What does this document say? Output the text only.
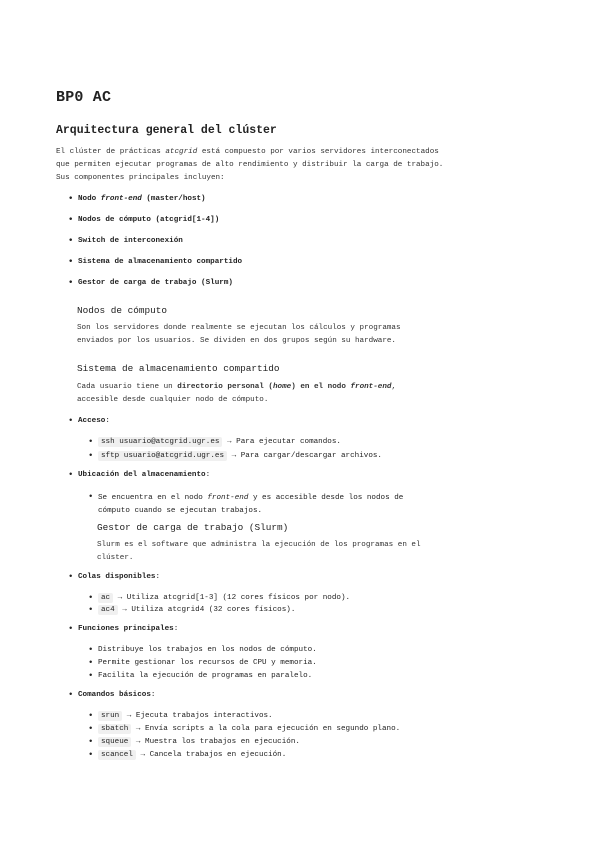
BP0 AC
Arquitectura general del clúster

El clúster de prácticas atcgrid está compuesto por varios servidores interconectados
que permiten ejecutar programas de alto rendimiento y distribuir la carga de trabajo.
Sus componentes principales incluyen:

• Nodo front-end (master/host)
• Nodos de cómputo (atcgrid[1-4])
• Switch de interconexión
• Sistema de almacenamiento compartido
• Gestor de carga de trabajo (Slurm)
Nodos de cómputo

Son los servidores donde realmente se ejecutan los cálculos y programas
enviados por los usuarios. Se dividen en dos grupos según su hardware.

Sistema de almacenamiento compartido

Cada usuario tiene un directorio personal (home) en el nodo front-end,
accesible desde cualquier nodo de cómputo.

• Acceso:
• ssh usuario@atcgrid.ugr.es → Para ejecutar comandos.
• sftp usuario@atcgrid.ugr.es → Para cargar/descargar archivos.
• Ubicación del almacenamiento:
• Se encuentra en el nodo front-end y es accesible desde los nodos de
cómputo cuando se ejecutan trabajos.
Gestor de carga de trabajo (Slurm)

Slurm es el software que administra la ejecución de los programas en el
clúster.

• Colas disponibles:
• ac → Utiliza atcgrid[1-3] (12 cores físicos por nodo).
• ac4 → Utiliza atcgrid4 (32 cores físicos).
• Funciones principales:
• Distribuye los trabajos en los nodos de cómputo.
• Permite gestionar los recursos de CPU y memoria.
• Facilita la ejecución de programas en paralelo.
• Comandos básicos:
• srun → Ejecuta trabajos interactivos.
• sbatch → Envía scripts a la cola para ejecución en segundo plano.
• squeue → Muestra los trabajos en ejecución.
• scancel → Cancela trabajos en ejecución.
